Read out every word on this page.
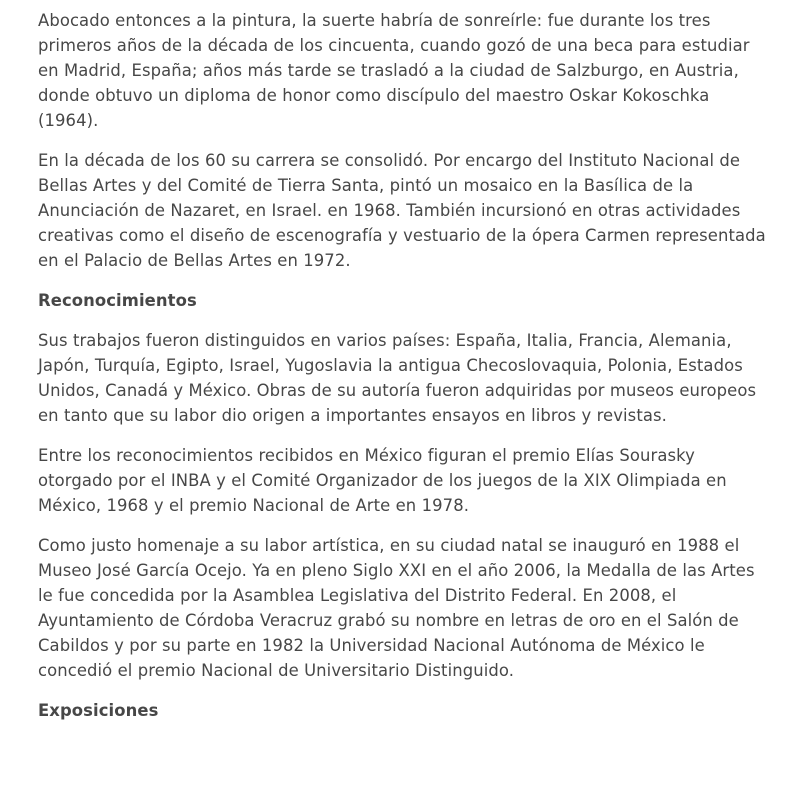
Abocado entonces a la pintura, la suerte habría de sonreírle: fue durante los tres primeros años de la década de los cincuenta, cuando gozó de una beca para estudiar en Madrid, España; años más tarde se trasladó a la ciudad de Salzburgo, en Austria, donde obtuvo un diploma de honor como discípulo del maestro Oskar Kokoschka (1964).

En la década de los 60 su carrera se consolidó. Por encargo del Instituto Nacional de Bellas Artes y del Comité de Tierra Santa, pintó un mosaico en la Basílica de la Anunciación de Nazaret, en Israel. en 1968. También incursionó en otras actividades creativas como el diseño de escenografía y vestuario de la ópera Carmen representada en el Palacio de Bellas Artes en 1972.

Reconocimientos

Sus trabajos fueron distinguidos en varios países: España, Italia, Francia, Alemania, Japón, Turquía, Egipto, Israel, Yugoslavia la antigua Checoslovaquia, Polonia, Estados Unidos, Canadá y México. Obras de su autoría fueron adquiridas por museos europeos en tanto que su labor dio origen a importantes ensayos en libros y revistas.

Entre los reconocimientos recibidos en México figuran el premio Elías Sourasky otorgado por el INBA y el Comité Organizador de los juegos de la XIX Olimpiada en México, 1968 y el premio Nacional de Arte en 1978.

Como justo homenaje a su labor artística, en su ciudad natal se inauguró en 1988 el Museo José García Ocejo. Ya en pleno Siglo XXI en el año 2006, la Medalla de las Artes le fue concedida por la Asamblea Legislativa del Distrito Federal. En 2008, el Ayuntamiento de Córdoba Veracruz grabó su nombre en letras de oro en el Salón de Cabildos y por su parte en 1982 la Universidad Nacional Autónoma de México le concedió el premio Nacional de Universitario Distinguido.

Exposiciones
